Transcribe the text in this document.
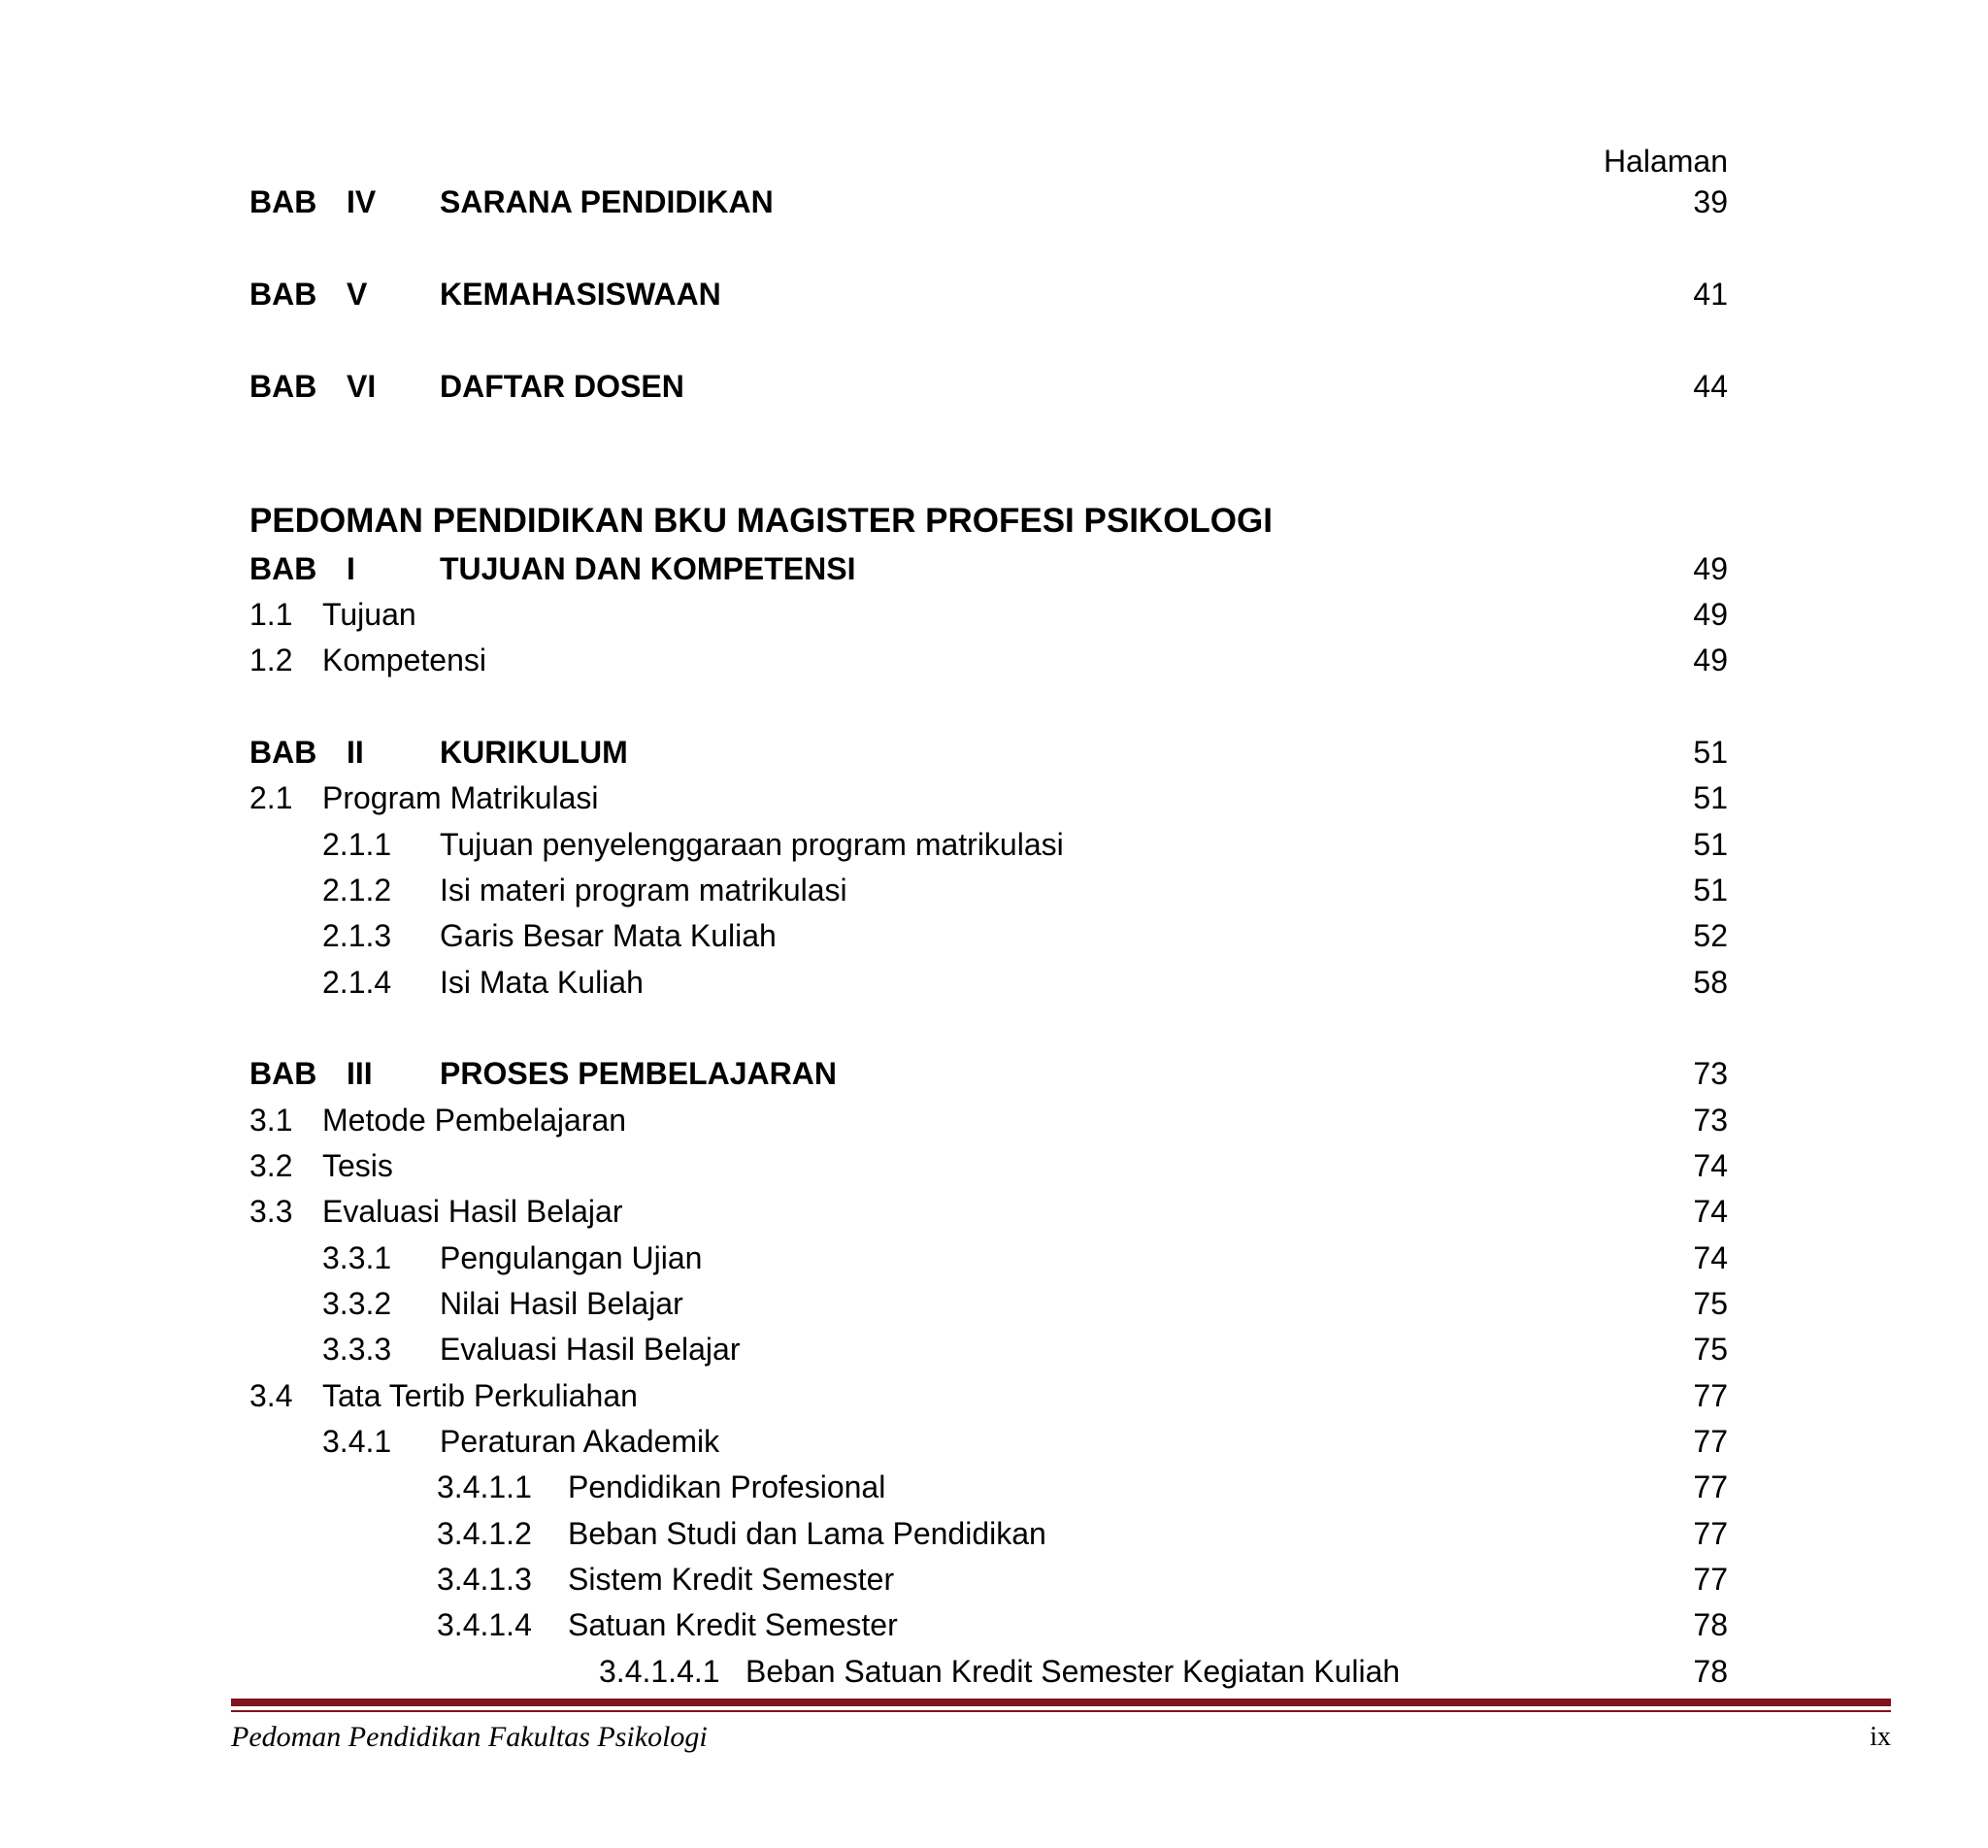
Halaman
BAB IV SARANA PENDIDIKAN	39
BAB V KEMAHASISWAAN	41
BAB VI DAFTAR DOSEN	44
PEDOMAN PENDIDIKAN BKU MAGISTER PROFESI PSIKOLOGI
BAB I	TUJUAN DAN KOMPETENSI	49
1.1 Tujuan	49
1.2 Kompetensi	49
BAB II KURIKULUM	51
2.1 Program Matrikulasi	51
2.1.1 Tujuan penyelenggaraan program matrikulasi	51
2.1.2 Isi materi program matrikulasi	51
2.1.3 Garis Besar Mata Kuliah	52
2.1.4 Isi Mata Kuliah	58
BAB III PROSES PEMBELAJARAN	73
3.1 Metode Pembelajaran	73
3.2 Tesis	74
3.3 Evaluasi Hasil Belajar	74
3.3.1 Pengulangan Ujian	74
3.3.2 Nilai Hasil Belajar	75
3.3.3 Evaluasi Hasil Belajar	75
3.4 Tata Tertib Perkuliahan	77
3.4.1 Peraturan Akademik	77
3.4.1.1 Pendidikan Profesional	77
3.4.1.2 Beban Studi dan Lama Pendidikan	77
3.4.1.3 Sistem Kredit Semester	77
3.4.1.4 Satuan Kredit Semester	78
3.4.1.4.1 Beban Satuan Kredit Semester Kegiatan Kuliah	78
Pedoman Pendidikan Fakultas Psikologi	ix
